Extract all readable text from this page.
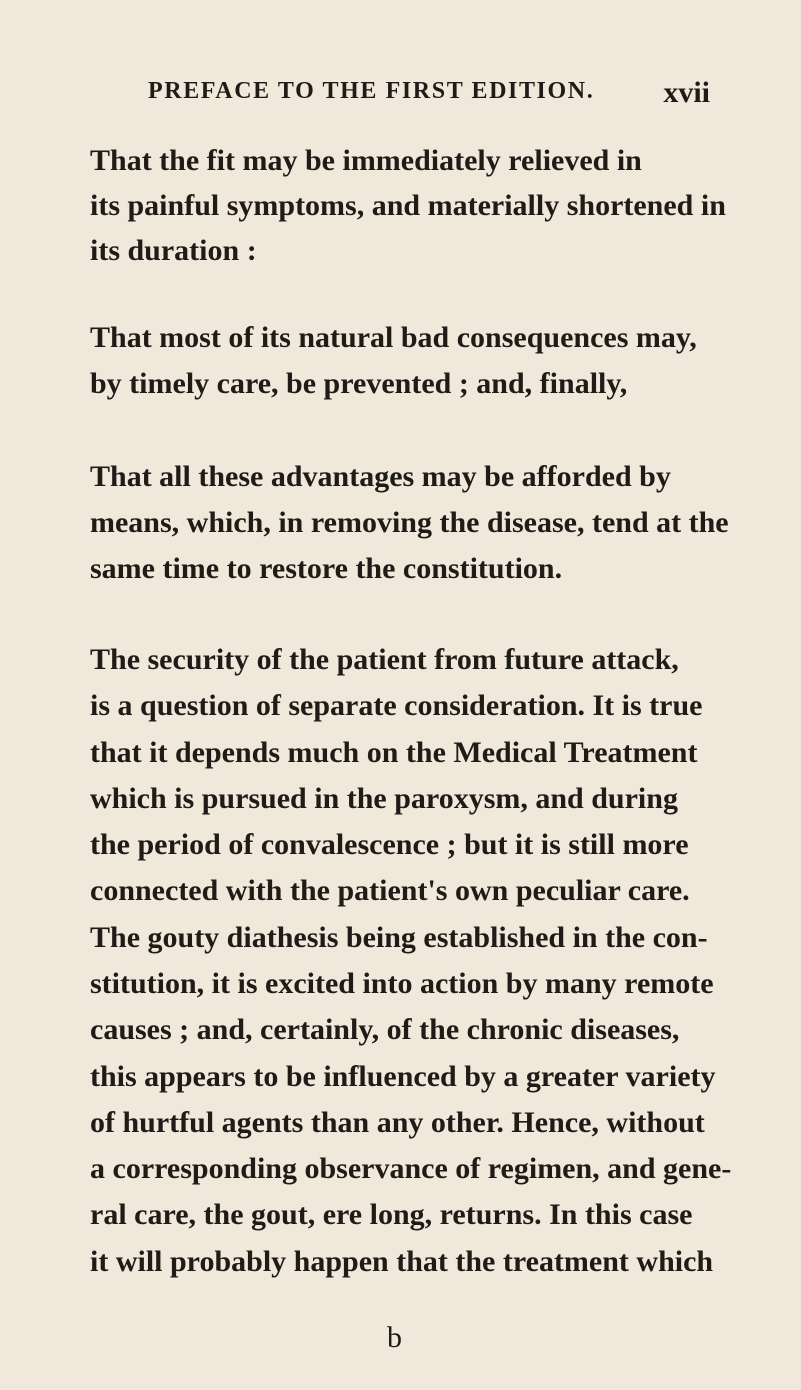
PREFACE TO THE FIRST EDITION. xvii
That the fit may be immediately relieved in
its painful symptoms, and materially shortened in
its duration :
That most of its natural bad consequences may,
by timely care, be prevented ; and, finally,
That all these advantages may be afforded by
means, which, in removing the disease, tend at the
same time to restore the constitution.
The security of the patient from future attack,
is a question of separate consideration. It is true
that it depends much on the Medical Treatment
which is pursued in the paroxysm, and during
the period of convalescence ; but it is still more
connected with the patient's own peculiar care.
The gouty diathesis being established in the con-
stitution, it is excited into action by many remote
causes ; and, certainly, of the chronic diseases,
this appears to be influenced by a greater variety
of hurtful agents than any other. Hence, without
a corresponding observance of regimen, and gene-
ral care, the gout, ere long, returns. In this case
it will probably happen that the treatment which
b
